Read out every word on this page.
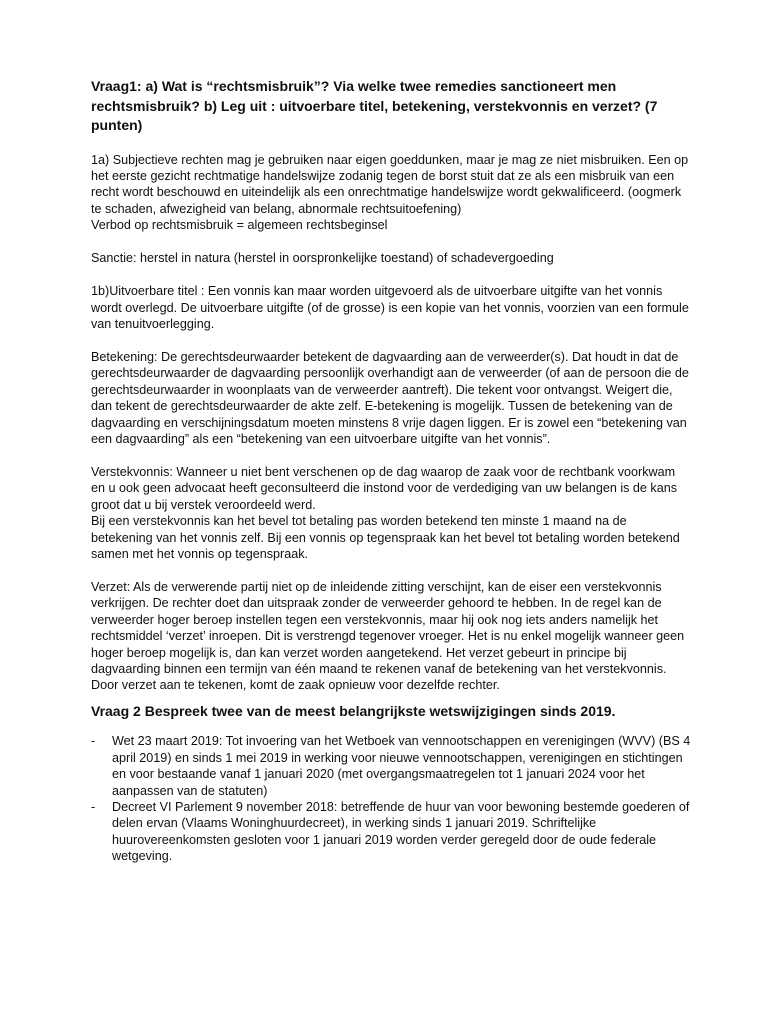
Vraag1: a) Wat is “rechtsmisbruik”? Via welke twee remedies sanctioneert men rechtsmisbruik? b) Leg uit : uitvoerbare titel, betekening, verstekvonnis en verzet? (7 punten)
1a) Subjectieve rechten mag je gebruiken naar eigen goeddunken, maar je mag ze niet misbruiken. Een op het eerste gezicht rechtmatige handelswijze zodanig tegen de borst stuit dat ze als een misbruik van een recht wordt beschouwd en uiteindelijk als een onrechtmatige handelswijze wordt gekwalificeerd. (oogmerk te schaden, afwezigheid van belang, abnormale rechtsuitoefening)
Verbod op rechtsmisbruik = algemeen rechtsbeginsel
Sanctie: herstel in natura (herstel in oorspronkelijke toestand) of schadevergoeding
1b)Uitvoerbare titel : Een vonnis kan maar worden uitgevoerd als de uitvoerbare uitgifte van het vonnis wordt overlegd. De uitvoerbare uitgifte (of de grosse) is een kopie van het vonnis, voorzien van een formule van tenuitvoerlegging.
Betekening: De gerechtsdeurwaarder betekent de dagvaarding aan de verweerder(s). Dat houdt in dat de gerechtsdeurwaarder de dagvaarding persoonlijk overhandigt aan de verweerder (of aan de persoon die de gerechtsdeurwaarder in woonplaats van de verweerder aantreft). Die tekent voor ontvangst. Weigert die, dan tekent de gerechtsdeurwaarder de akte zelf. E-betekening is mogelijk. Tussen de betekening van de dagvaarding en verschijningsdatum moeten minstens 8 vrije dagen liggen. Er is zowel een “betekening van een dagvaarding” als een “betekening van een uitvoerbare uitgifte van het vonnis”.
Verstekvonnis: Wanneer u niet bent verschenen op de dag waarop de zaak voor de rechtbank voorkwam en u ook geen advocaat heeft geconsulteerd die instond voor de verdediging van uw belangen is de kans groot dat u bij verstek veroordeeld werd.
Bij een verstekvonnis kan het bevel tot betaling pas worden betekend ten minste 1 maand na de betekening van het vonnis zelf. Bij een vonnis op tegenspraak kan het bevel tot betaling worden betekend samen met het vonnis op tegenspraak.
Verzet: Als de verwerende partij niet op de inleidende zitting verschijnt, kan de eiser een verstekvonnis verkrijgen. De rechter doet dan uitspraak zonder de verweerder gehoord te hebben. In de regel kan de verweerder hoger beroep instellen tegen een verstekvonnis, maar hij ook nog iets anders namelijk het rechtsmiddel ‘verzet’ inroepen. Dit is verstrengd tegenover vroeger. Het is nu enkel mogelijk wanneer geen hoger beroep mogelijk is, dan kan verzet worden aangetekend. Het verzet gebeurt in principe bij dagvaarding binnen een termijn van één maand te rekenen vanaf de betekening van het verstekvonnis. Door verzet aan te tekenen, komt de zaak opnieuw voor dezelfde rechter.
Vraag 2 Bespreek twee van de meest belangrijkste wetswijzigingen sinds 2019.
- Wet 23 maart 2019: Tot invoering van het Wetboek van vennootschappen en verenigingen (WVV) (BS 4 april 2019) en sinds 1 mei 2019 in werking voor nieuwe vennootschappen, verenigingen en stichtingen en voor bestaande vanaf 1 januari 2020 (met overgangsmaatregelen tot 1 januari 2024 voor het aanpassen van de statuten)
- Decreet VI Parlement 9 november 2018: betreffende de huur van voor bewoning bestemde goederen of delen ervan (Vlaams Woninghuurdecreet), in werking sinds 1 januari 2019. Schriftelijke huurovereenkomsten gesloten voor 1 januari 2019 worden verder geregeld door de oude federale wetgeving.
